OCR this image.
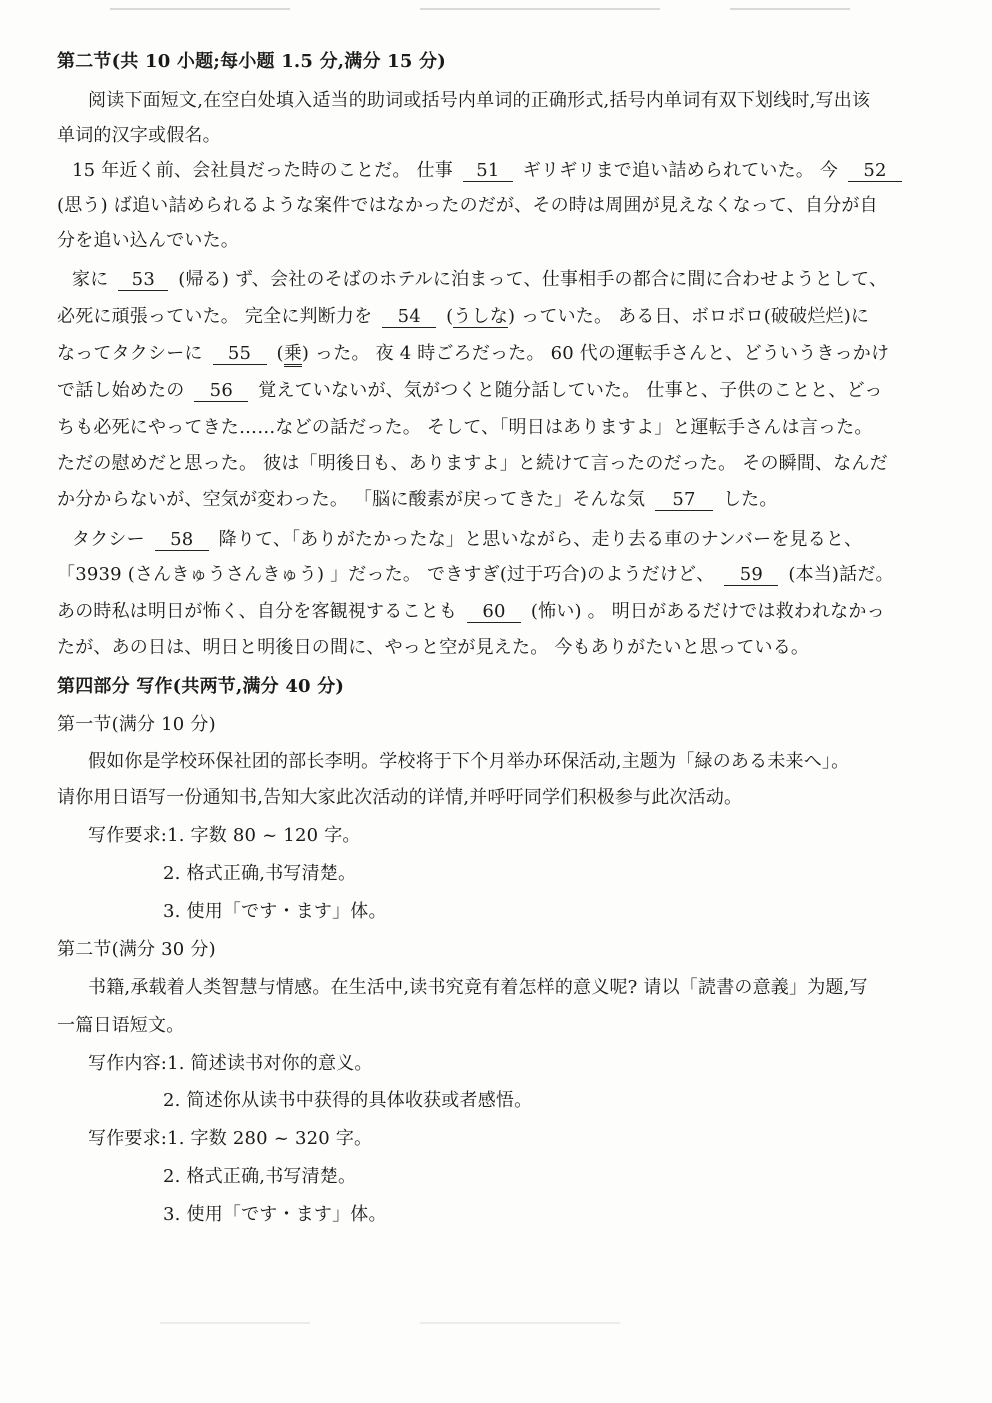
第二节(共 10 小题;每小题 1.5 分,满分 15 分)
阅读下面短文,在空白处填入适当的助词或括号内单词的正确形式,括号内单词有双下划线时,写出该
单词的汉字或假名。
15 年近く前、会社員だった時のことだ。 仕事 51 ギリギリまで追い詰められていた。 今 52
(思う) ば追い詰められるような案件ではなかったのだが、その時は周囲が見えなくなって、自分が自
分を追い込んでいた。
家に 53 (帰る) ず、会社のそばのホテルに泊まって、仕事相手の都合に間に合わせようとして、
必死に頑張っていた。 完全に判断力を 54 (うしな) っていた。 ある日、ボロボロ(破破烂烂)に
なってタクシーに 55 (乗) った。 夜 4 時ごろだった。 60 代の運転手さんと、どういうきっかけ
で話し始めたの 56 覚えていないが、気がつくと随分話していた。 仕事と、子供のことと、どっ
ちも必死にやってきた……などの話だった。 そして、「明日はありますよ」と運転手さんは言った。
ただの慰めだと思った。 彼は「明後日も、ありますよ」と続けて言ったのだった。 その瞬間、なんだ
か分からないが、空気が変わった。 「脳に酸素が戻ってきた」そんな気 57 した。
タクシー 58 降りて、「ありがたかったな」と思いながら、走り去る車のナンバーを見ると、
「3939 (さんきゅうさんきゅう) 」だった。 できすぎ(过于巧合)のようだけど、 59 (本当)話だ。
あの時私は明日が怖く、自分を客観視することも 60 (怖い) 。 明日があるだけでは救われなかっ
たが、あの日は、明日と明後日の間に、やっと空が見えた。 今もありがたいと思っている。
第四部分 写作(共两节,满分 40 分)
第一节(满分 10 分)
假如你是学校环保社团的部长李明。学校将于下个月举办环保活动,主题为「緑のある未来へ」。
请你用日语写一份通知书,告知大家此次活动的详情,并呼吁同学们积极参与此次活动。
写作要求:1. 字数 80 ~ 120 字。
2. 格式正确,书写清楚。
3. 使用「です・ます」体。
第二节(满分 30 分)
书籍,承载着人类智慧与情感。在生活中,读书究竟有着怎样的意义呢? 请以「読書の意義」为题,写
一篇日语短文。
写作内容:1. 简述读书对你的意义。
2. 简述你从读书中获得的具体收获或者感悟。
写作要求:1. 字数 280 ~ 320 字。
2. 格式正确,书写清楚。
3. 使用「です・ます」体。
